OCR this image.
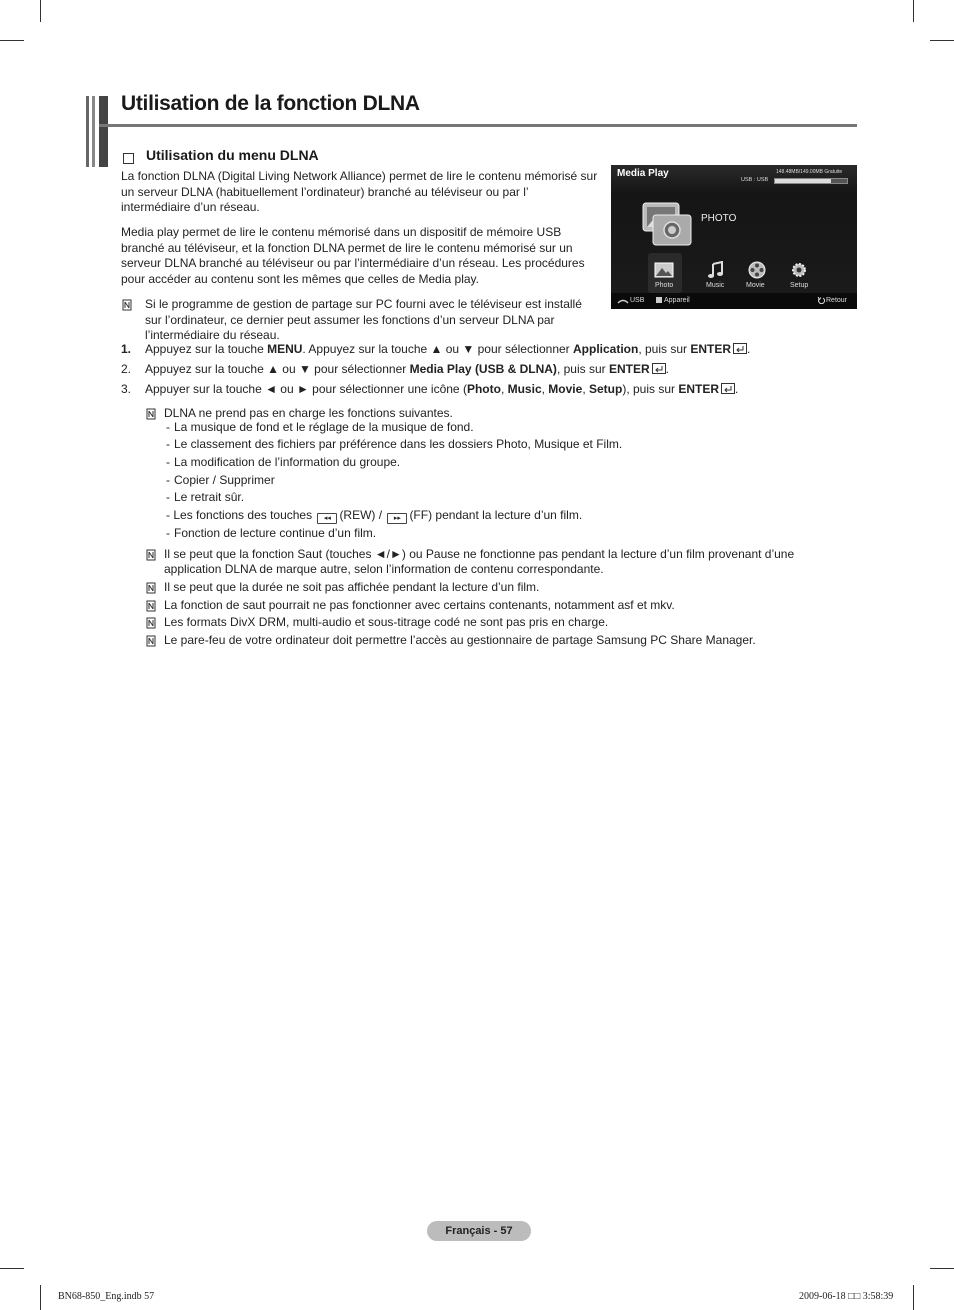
Utilisation de la fonction DLNA
Utilisation du menu DLNA

La fonction DLNA (Digital Living Network Alliance) permet de lire le contenu mémorisé sur un serveur DLNA (habituellement l’ordinateur) branché au téléviseur ou par l’ intermédiaire d’un réseau.

Media play permet de lire le contenu mémorisé dans un dispositif de mémoire USB branché au téléviseur, et la fonction DLNA permet de lire le contenu mémorisé sur un serveur DLNA branché au téléviseur ou par l’intermédiaire d’un réseau. Les procédures pour accéder au contenu sont les mêmes que celles de Media play.

Si le programme de gestion de partage sur PC fourni avec le téléviseur est installé sur l’ordinateur, ce dernier peut assumer les fonctions d’un serveur DLNA par l’intermédiaire du réseau.

Media Play	148.48MB/149.00MB Gratuite
USB : USB
PHOTO
Photo	Music	Movie	Setup
USB	Appareil	Retour
1. Appuyez sur la touche MENU. Appuyez sur la touche ▲ ou ▼ pour sélectionner Application, puis sur ENTER .
2. Appuyez sur la touche ▲ ou ▼ pour sélectionner Media Play (USB & DLNA), puis sur ENTER .
3. Appuyer sur la touche ◄ ou ► pour sélectionner une icône (Photo, Music, Movie, Setup), puis sur ENTER .
DLNA ne prend pas en charge les fonctions suivantes.
- La musique de fond et le réglage de la musique de fond.
- Le classement des fichiers par préférence dans les dossiers Photo, Musique et Film.
- La modification de l’information du groupe.
- Copier / Supprimer
- Le retrait sûr.
- Les fonctions des touches ◂◂ (REW) / ▸▸ (FF) pendant la lecture d’un film.
- Fonction de lecture continue d’un film.
Il se peut que la fonction Saut (touches ◄/►) ou Pause ne fonctionne pas pendant la lecture d’un film provenant d’une
application DLNA de marque autre, selon l’information de contenu correspondante.
Il se peut que la durée ne soit pas affichée pendant la lecture d’un film.
La fonction de saut pourrait ne pas fonctionner avec certains contenants, notamment asf et mkv.
Les formats DivX DRM, multi-audio et sous-titrage codé ne sont pas pris en charge.
Le pare-feu de votre ordinateur doit permettre l’accès au gestionnaire de partage Samsung PC Share Manager.
Français - 57
BN68-850_Eng.indb 57	2009-06-18 □□ 3:58:39
